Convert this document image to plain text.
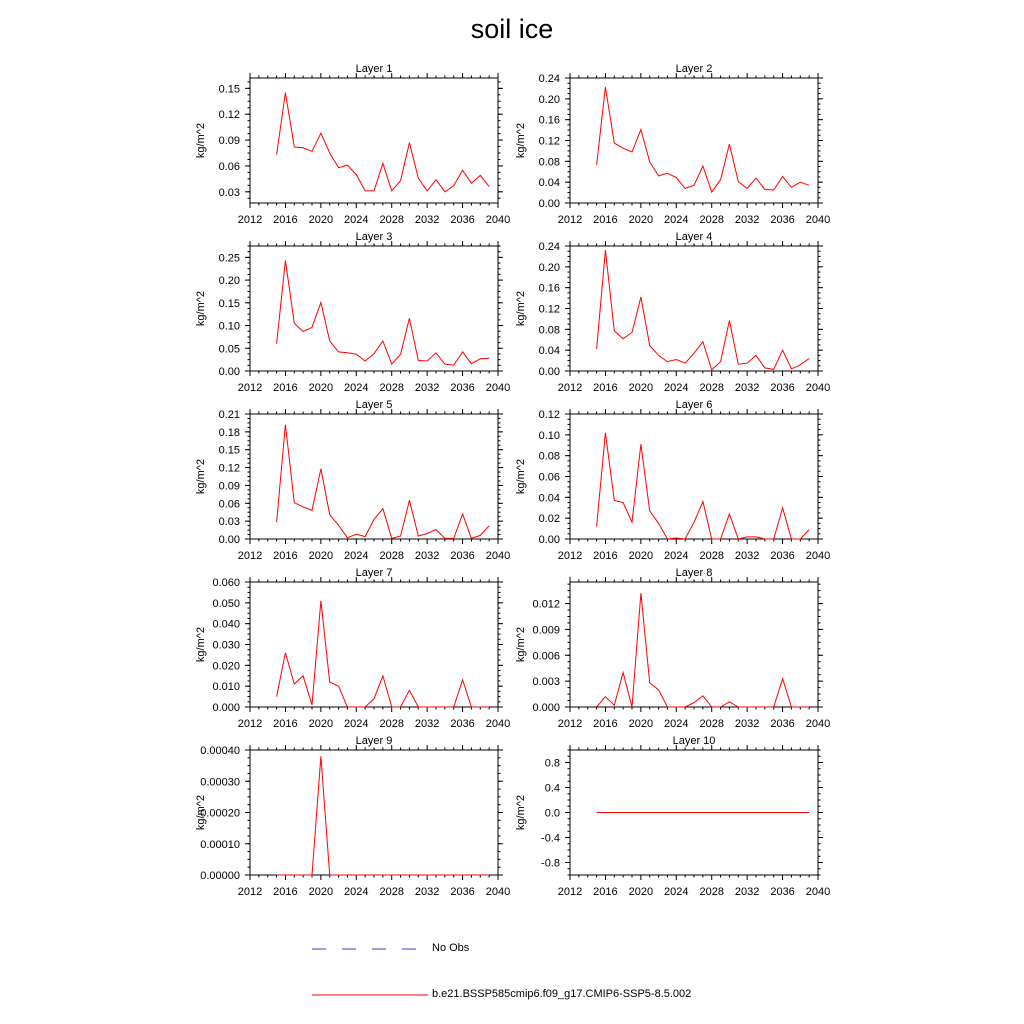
soil ice
Layer 1
kg/m^2
2012 2016 2020 2024 2028 2032 2036 2040
0.03
0.06
0.09
0.12
0.15
Layer 2
kg/m^2
2012 2016 2020 2024 2028 2032 2036 2040
0.00
0.04
0.08
0.12
0.16
0.20
0.24
Layer 3
kg/m^2
2012 2016 2020 2024 2028 2032 2036 2040
0.00
0.05
0.10
0.15
0.20
0.25
Layer 4
kg/m^2
2012 2016 2020 2024 2028 2032 2036 2040
0.00
0.04
0.08
0.12
0.16
0.20
0.24
Layer 5
kg/m^2
2012 2016 2020 2024 2028 2032 2036 2040
0.00
0.03
0.06
0.09
0.12
0.15
0.18
0.21
Layer 6
kg/m^2
2012 2016 2020 2024 2028 2032 2036 2040
0.00
0.02
0.04
0.06
0.08
0.10
0.12
Layer 7
kg/m^2
2012 2016 2020 2024 2028 2032 2036 2040
0.000
0.010
0.020
0.030
0.040
0.050
0.060
Layer 8
kg/m^2
2012 2016 2020 2024 2028 2032 2036 2040
0.000
0.003
0.006
0.009
0.012
Layer 9
kg/m^2
2012 2016 2020 2024 2028 2032 2036 2040
0.00000
0.00010
0.00020
0.00030
0.00040
Layer 10
kg/m^2
2012 2016 2020 2024 2028 2032 2036 2040
-0.8
-0.4
0.0
0.4
0.8
No Obs
b.e21.BSSP585cmip6.f09_g17.CMIP6-SSP5-8.5.002
